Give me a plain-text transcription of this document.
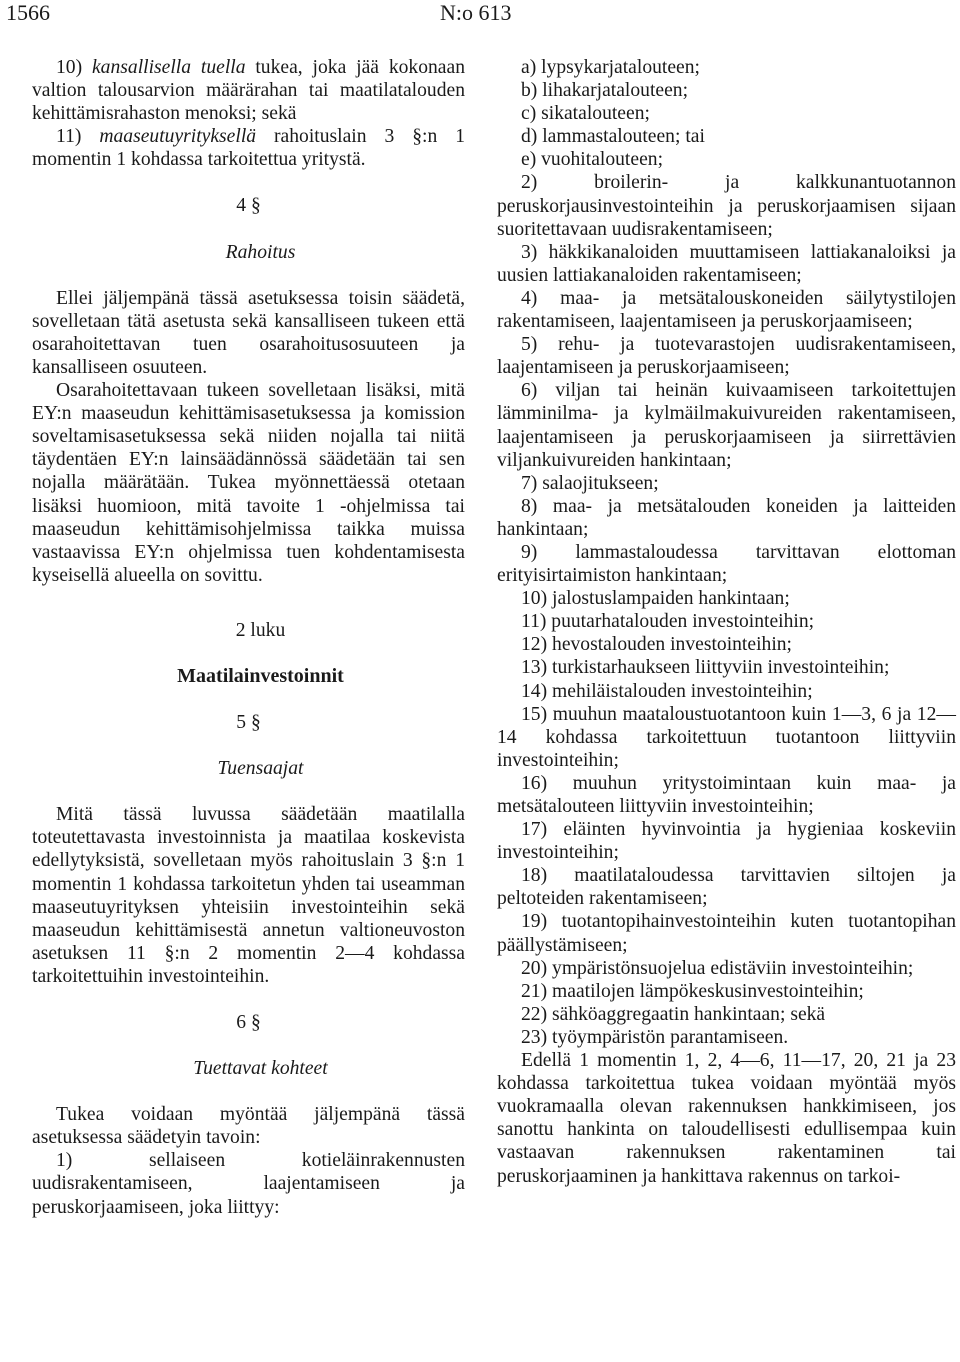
1566	N:o 613

10) kansallisella tuella tukea, joka jää kokonaan valtion talousarvion määrärahan tai maatilatalouden kehittämisrahaston menoksi; sekä

11) maaseutuyrityksellä rahoituslain 3 §:n 1 momentin 1 kohdassa tarkoitettua yritystä.

4 §

Rahoitus

Ellei jäljempänä tässä asetuksessa toisin säädetä, sovelletaan tätä asetusta sekä kansalliseen tukeen että osarahoitettavan tuen osarahoitusosuuteen ja kansalliseen osuuteen.

Osarahoitettavaan tukeen sovelletaan lisäksi, mitä EY:n maaseudun kehittämisasetuksessa ja komission soveltamisasetuksessa sekä niiden nojalla tai niitä täydentäen EY:n lainsäädännössä säädetään tai sen nojalla määrätään. Tukea myönnettäessä otetaan lisäksi huomioon, mitä tavoite 1 -ohjelmissa tai maaseudun kehittämisohjelmissa taikka muissa vastaavissa EY:n ohjelmissa tuen kohdentamisesta kyseisellä alueella on sovittu.

2 luku

Maatilainvestoinnit

5 §

Tuensaajat

Mitä tässä luvussa säädetään maatilalla toteutettavasta investoinnista ja maatilaa koskevista edellytyksistä, sovelletaan myös rahoituslain 3 §:n 1 momentin 1 kohdassa tarkoitetun yhden tai useamman maaseutuyrityksen yhteisiin investointeihin sekä maaseudun kehittämisestä annetun valtioneuvoston asetuksen 11 §:n 2 momentin 2—4 kohdassa tarkoitettuihin investointeihin.

6 §

Tuettavat kohteet

Tukea voidaan myöntää jäljempänä tässä asetuksessa säädetyin tavoin:

1) sellaiseen kotieläinrakennusten uudisrakentamiseen, laajentamiseen ja peruskorjaamiseen, joka liittyy:

a) lypsykarjatalouteen;

b) lihakarjatalouteen;

c) sikatalouteen;

d) lammastalouteen; tai

e) vuohitalouteen;

2) broilerin- ja kalkkunantuotannon peruskorjausinvestointeihin ja peruskorjaamisen sijaan suoritettavaan uudisrakentamiseen;

3) häkkikanaloiden muuttamiseen lattiakanaloiksi ja uusien lattiakanaloiden rakentamiseen;

4) maa- ja metsätalouskoneiden säilytystilojen rakentamiseen, laajentamiseen ja peruskorjaamiseen;

5) rehu- ja tuotevarastojen uudisrakentamiseen, laajentamiseen ja peruskorjaamiseen;

6) viljan tai heinän kuivaamiseen tarkoitettujen lämminilma- ja kylmäilmakuivureiden rakentamiseen, laajentamiseen ja peruskorjaamiseen ja siirrettävien viljankuivureiden hankintaan;

7) salaojitukseen;

8) maa- ja metsätalouden koneiden ja laitteiden hankintaan;

9) lammastaloudessa tarvittavan elottoman erityisirtaimiston hankintaan;

10) jalostuslampaiden hankintaan;

11) puutarhatalouden investointeihin;

12) hevostalouden investointeihin;

13) turkistarhaukseen liittyviin investointeihin;

14) mehiläistalouden investointeihin;

15) muuhun maataloustuotantoon kuin 1—3, 6 ja 12—14 kohdassa tarkoitettuun tuotantoon liittyviin investointeihin;

16) muuhun yritystoimintaan kuin maa- ja metsätalouteen liittyviin investointeihin;

17) eläinten hyvinvointia ja hygieniaa koskeviin investointeihin;

18) maatilataloudessa tarvittavien siltojen ja peltoteiden rakentamiseen;

19) tuotantopihainvestointeihin kuten tuotantopihan päällystämiseen;

20) ympäristönsuojelua edistäviin investointeihin;

21) maatilojen lämpökeskusinvestointeihin;

22) sähköaggregaatin hankintaan; sekä

23) työympäristön parantamiseen.

Edellä 1 momentin 1, 2, 4—6, 11—17, 20, 21 ja 23 kohdassa tarkoitettua tukea voidaan myöntää myös vuokramaalla olevan rakennuksen hankkimiseen, jos sanottu hankinta on taloudellisesti edullisempaa kuin vastaavan rakennuksen rakentaminen tai peruskorjaaminen ja hankittava rakennus on tarkoi-
